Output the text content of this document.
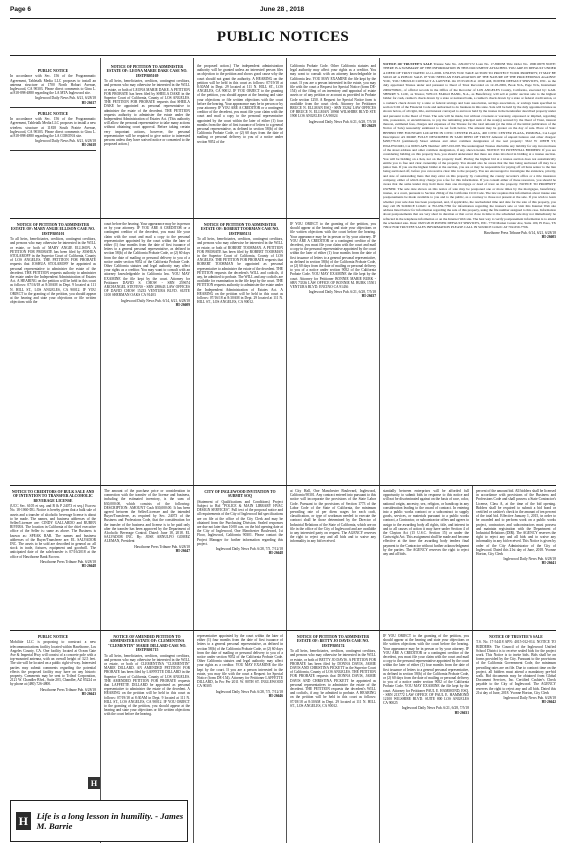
Page 6	June 28 , 2018
PUBLIC NOTICES
PUBLIC NOTICE
In accordance with Sec. 156 of the Programmatic Agreement, Tabletalk Media LLC proposes to install an antenna structure at 1700 North Hobart Avenue, Inglewood, CA 90303. Please direct comments to Gina L. at 818-898-4880 regarding the LA MTA Inglewood site.
Inglewood Daily News Pub. 6/21, 6/28/18
HI-26617
PUBLIC NOTICE
In accordance with Sec. 156 of the Programmatic Agreement, Tabletalk Media LLC proposes to install a new wireless structure at 11818 South Prairie Avenue, Inglewood, CA 90303. Please direct comments to Gina L. at 818-898-4880 regarding the LA CORONA site.
Inglewood Daily News Pub. 6/21, 6/28/18
HI-26618
NOTICE OF PETITION TO ADMINISTER ESTATE OF: LEONA MARIE DAKE CASE NO. 18STPB05169
To all heirs, beneficiaries, creditors, contingent creditors, and persons who may otherwise be interested in the WILL or estate, or both of LEONA MARIE DAKE. A PETITION FOR PROBATE has been filed by SHEILA DAKE in the Superior Court of California, County of LOS ANGELES. THE PETITION FOR PROBATE requests that SHEILA DAKE be appointed as personal representative to administer the estate of the decedent. THE PETITION requests authority to administer the estate under the Independent Administration of Estates Act. (This authority will allow the personal representative to take many actions without obtaining court approval. Before taking certain very important actions, however, the personal representative will be required to give notice to interested persons unless they have waived notice or consented to the proposed action.)
the proposed action.) The independent administration authority will be granted unless an interested person files an objection to the petition and shows good cause why the court should not grant the authority. A HEARING on the petition will be held in this court as follows: 07/19/18 at 8:30AM in Dept. 29 located at 111 N. HILL ST., LOS ANGELES, CA 90012. IF YOU OBJECT to the granting of the petition, you should appear at the hearing and state your objections or file written objections with the court before the hearing. Your appearance may be in person or by your attorney. IF YOU ARE A CREDITOR or a contingent creditor of the decedent, you must file your claim with the court and mail a copy to the personal representative appointed by the court within the later of either (1) four months from the date of first issuance of letters to a general personal representative, as defined in section 58(b) of the California Probate Code, or (2) 60 days from the date of mailing or personal delivery to you of a notice under section 9052 of the
California Probate Code. Other California statutes and legal authority may affect your rights as a creditor. You may want to consult with an attorney knowledgeable in California law. YOU MAY EXAMINE the file kept by the court. If you are a person interested in the estate, you may file with the court a Request for Special Notice (form DE-154) of the filing of an inventory and appraisal of estate assets or of any petition or account as provided in Probate Code section 1250. A Request for Special Notice form is available from the court clerk. Attorney for Petitioner BRUCE N. ELLMAN ESQ - SBN 35262 LAW OFFICES OF BRUCE N. ELLMAN 10960 WILSHIRE BLVD STE 1900 LOS ANGELES CA 90024
Inglewood Daily News Pub. 6/21, 6/28, 7/5/18
HI-26629
NOTICE OF TRUSTEE'S SALE Trustee Sale No. 229-067172 Loan No. 17-800058 Title Order No. 180010078 NOTE: THERE IS A SUMMARY OF THE INFORMATION IN THIS DOCUMENT ATTACHED. YOU ARE IN DEFAULT UNDER A DEED OF TRUST DATED 12-11-2006. UNLESS YOU TAKE ACTION TO PROTECT YOUR PROPERTY, IT MAY BE SOLD AT A PUBLIC SALE. IF YOU NEED AN EXPLANATION OF THE NATURE OF THE PROCEEDINGS AGAINST YOU, YOU SHOULD CONTACT A LAWYER. On 07/25/2018 at 10:00 AM, POWER DEFAULT SERVICES, INC. as the duly appointed Trustee under and pursuant to Deed of Trust Recorded on 12-18-2006, Book N/A, Page N/A, Instrument 20062799921, of official records in the Office of the Recorder of LOS ANGELES County, California, executed by: GAIL SHERRY S. LOU, as Trustor, WELLS FARGO BANK, N.A., as Beneficiary, will sell at public auction sale to the highest bidder for cash, cashier's check drawn by a state or national bank, a cashier's check drawn by a state or federal credit union, or a cashier's check drawn by a state or federal savings and loan association, savings association, or savings bank specified in section 5102 of the Financial Code and authorized to do business in this state. Sale will be held by the duly appointed trustee as shown below, of all right, title, and interest conveyed to and now held by the trustee in the hereinafter described property under and pursuant to the Deed of Trust. The sale will be made, but without covenant or warranty, expressed or implied, regarding title, possession, or encumbrances, to pay the remaining principal sum of the note(s) secured by the Deed of Trust, interest thereon, estimated fees, charges and expenses of the Trustee for the total amount (at the time of the initial publication of the Notice of Sale) reasonably estimated to be set forth below. The amount may be greater on the day of sale. Place of Sale: BEHIND THE FOUNTAIN LOCATED IN CIVIC CENTER PLAZA, 400 CIVIC CENTER PLAZA, POMONA, CA Legal Description: AS MORE FULLY DESCRIBED IN SAID DEED OF TRUST Amount of unpaid balance and other charges: $298,776.33 (estimated) Street address and other common designation of the real property: 3612 W 108TH ST, INGLEWOOD, CA 90303 APN Number: 4057-010-005 The undersigned Trustee disclaims any liability for any incorrectness of the street address and other common designation, if any, shown herein. NOTICE TO POTENTIAL BIDDERS: If you are considering bidding on this property lien, you should understand that there are risks involved in bidding at a trustee auction. You will be bidding on a lien, not on the property itself. Placing the highest bid at a trustee auction does not automatically entitle you to free and clear ownership of the property. You should also be aware that the lien being auctioned off may be a junior lien. If you are the highest bidder at the auction, you are or may be responsible for paying off all liens senior to the lien being auctioned off, before you can receive clear title to the property. You are encouraged to investigate the existence, priority, and size of outstanding liens that may exist on this property by contacting the county recorder's office or a title insurance company, either of which may charge you a fee for this information. If you consult either of these resources, you should be aware that the same lender may hold more than one mortgage or deed of trust on the property. NOTICE TO PROPERTY OWNER: The sale date shown on this notice of sale may be postponed one or more times by the mortgagee, beneficiary, trustee, or a court, pursuant to Section 2924g of the California Civil Code. The law requires that information about trustee sale postponements be made available to you and to the public, as a courtesy to those not present at the sale. If you wish to learn whether your sale date has been postponed, and, if applicable, the rescheduled time and date for the sale of this property, you may call IN SOURCE LOGIC at 702-659-7766 for information regarding the trustee's sale or visit this Internet Web site address listed below for information regarding the sale of this property, using the file number assigned to this case. Information about postponements that are very short in duration or that occur close in time to the scheduled sale may not immediately be reflected in the telephone information or on the Internet Web site. The best way to verify postponement information is to attend the scheduled sale. Date: 06/05/2018 POWER DEFAULT SERVICES, INC. 7730 Market Center Ave, Suite 100, El Paso, TX 79912 FOR TRUSTEE SALES INFORMATION PLEASE CALL IN SOURCE LOGIC AT 702-659-7766.
Hawthorne Press Tribune Pub. 6/14, 6/21, 6/28/18
HI-26605
NOTICE OF PETITION TO ADMINISTER ESTATE OF: MARY ANGIE ELLISON CASE NO. 18STPB05101
To all heirs, beneficiaries, creditors, contingent creditors, and persons who may otherwise be interested in the WILL or estate, or both of MARY ANGIE ELLISON. A PETITION FOR PROBATE has been filed by JOSHUA STOLAROFF in the Superior Court of California, County of LOS ANGELES. THE PETITION FOR PROBATE requests that JOSHUA STOLAROFF be appointed as personal representative to administer the estate of the decedent. THE PETITION requests authority to administer the estate under the Independent Administration of Estates Act. A HEARING on the petition will be held in this court as follows: 07/16/18 at 8:30AM in Dept. 9 located at 111 N. HILL ST., LOS ANGELES, CA 90012. IF YOU OBJECT to the granting of the petition, you should appear at the hearing and state your objections or file written objections with the
court before the hearing. Your appearance may be in person or by your attorney. IF YOU ARE A CREDITOR or a contingent creditor of the decedent, you must file your claim with the court and mail a copy to the personal representative appointed by the court within the later of either (1) four months from the date of first issuance of letters to a general personal representative, as defined in section 58(b) of the California Probate Code, or (2) 60 days from the date of mailing or personal delivery to you of a notice under section 9052 of the California Probate Code. Other California statutes and legal authority may affect your rights as a creditor. You may want to consult with an attorney knowledgeable in California law. YOU MAY EXAMINE the file kept by the court. Attorney for Petitioner DAVID S. CHOW - SBN 259674 ARCHANGEL STEVENS - SBN 288643 LAW OFFICES OF DAVID CHOW 15233 VENTURA BLVD. SUITE 1100 SHERMAN OAKS CA 91403
Inglewood Daily News Pub. 6/14, 6/21, 6/28/18
HI-26609
NOTICE OF PETITION TO ADMINISTER ESTATE OF: ROBERT TOORMAN CASE NO. 18STPB05131
To all heirs, beneficiaries, creditors, contingent creditors, and persons who may otherwise be interested in the WILL or estate, or both of ROBERT TOORMAN. A PETITION FOR PROBATE has been filed by ROBERT TOORMAN in the Superior Court of California, County of LOS ANGELES. THE PETITION FOR PROBATE requests that ROBERT TOORMAN be appointed as personal representative to administer the estate of the decedent. THE PETITION requests the decedent's WILL and codicils, if any, be admitted to probate. The WILL and any codicils are available for examination in the file kept by the court. THE PETITION requests authority to administer the estate under the Independent Administration of Estates Act. A HEARING on the petition will be held in this court as follows: 07/16/18 at 8:30AM in Dept. 29 located at 111 N. HILL ST., LOS ANGELES, CA 90012.
IF YOU OBJECT to the granting of the petition, you should appear at the hearing and state your objections or file written objections with the court before the hearing. Your appearance may be in person or by your attorney. IF YOU ARE A CREDITOR or a contingent creditor of the decedent, you must file your claim with the court and mail a copy to the personal representative appointed by the court within the later of either (1) four months from the date of first issuance of letters to a general personal representative, as defined in section 58(b) of the California Probate Code, or (2) 60 days from the date of mailing or personal delivery to you of a notice under section 9052 of the California Probate Code. YOU MAY EXAMINE the file kept by the court. Attorney for Petitioner BONNIE MARIE BURK - SBN 73336 LAW OFFICE OF BONNIE M. BURK 15501 VENTURA BLVD. ENCINO CA 91436
Inglewood Daily News Pub. 6/21, 6/28, 7/5/18
HI-26637
NOTICE TO CREDITORS OF BULK SALE AND OF INTENTION TO TRANSFER ALCOHOLIC BEVERAGE LICENSE
(UCC Sec. 6105 et seq. and B & P 24073 et seq.) Escrow No. 18-1060-DG. Notice is hereby given that a bulk sale of assets and a transfer of alcoholic beverage license is about to be made. The names, and business addresses of the Seller/Licensee are: CINDY GALLARDO and RUBEN RIVERA. The location in California of the chief executive office of the Seller is: same as above. The Business is known as: SPEAK BAR. The names and business addresses of the Buyer/Transferee are: EL SALVADOR INC. The assets to be sold are described in general as: all stock in trade, fixtures, equipment and goodwill. The anticipated date of the sale/transfer is 07/16/2018 at the office of Hawthorne Bank Escrow.
Hawthorne Press Tribune Pub. 6/28/18
HI-26648
The amount of the purchase price or consideration in connection with the transfer of the license and business, including the estimated inventory, is the sum of $30,000.00, which consists of the following: DESCRIPTION: AMOUNT Cash $30,000.00. It has been agreed between the Seller/Licensee and the intended Buyer/Transferee, as required by Sec. 24073 of the Business and Professions Code, that the consideration for the transfer of the business and license is to be paid only after the transfer has been approved by the Department of Alcoholic Beverage Control. Dated: June 18, 2018. EL SALVADOR INC. By: JOSE ARNULFO GOMEZ ALEMAN, President
Hawthorne Press Tribune Pub. 6/28/18
HI-26647
CITY OF INGLEWOOD INVITATION TO SUBMIT SOQ
(Statement of Qualifications and Conditions) Project Subject to Bid "POLICE & MAIN LIBRARY HVAC DESIGN SERVICES". Full text of the proposal notice and all requirements of the City of Inglewood bid specifications are on file at the office of the City Clerk and may be obtained from the Purchasing Division. Sealed responses are due not later than 10:00 a.m. on the bid opening date at the City of Inglewood, One Manchester Boulevard, 1st Floor, Inglewood, California 90301. Please contact the Project Manager for further information regarding this project.
Inglewood Daily News Pub. 6/28, 7/5, 7/12/18
HI-26648
at City Hall, One Manchester Boulevard, Inglewood, California 90301. Any contract entered into pursuant to this notice will incorporate the provisions of the State Labor Code. Pursuant to the provisions of Section 1773 of the Labor Code of the State of California, the minimum prevailing rate of per diem wages for each craft, classification, or type of workman needed to execute the contract shall be those determined by the Director of Industrial Relations of the State of California, which are on file in the office of the City of Inglewood and are available to any interested party on request. The AGENCY reserves the right to reject any and all bids and to waive any informality in any bid received.
stantially between enterprises will be afforded full opportunity to submit bids in response to this notice and will not be discriminated against on the basis of race, color, national origin, ancestry, sex, religion, or handicap in any consideration leading to the award of contract. In entering into a public works contract or a subcontract to supply goods, services, or materials pursuant to a public works contract, a Contractor, or subcontractor offers and agrees to assign to the awarding body all rights, title, and interest in and to all causes of action it may have under Section 4 of the Clayton Act (15 U.S.C. Section 15) or under the Cartwright Act. This assignment shall be made and become effective at the time the awarding body tenders final payment to the Contractor without further acknowledgment by the parties. The AGENCY reserves the right to reject any and all bids.
percent of the amount bid. All bidders shall be licensed in accordance with provisions of the Business and Professions Code and shall possess a State Contractor's License, Class A, at the time of the bid opening. Bidders shall be required to submit a bid bond or certified or cashier's check in the amount of ten percent of the total bid. Effective January 1, 2015, in order to be awarded and to perform work on a public works project, contractors and subcontractors must possess and maintain registration with the Department of Industrial Relations (DIR). The AGENCY reserves the right to reject any and all bids and to waive any informality in any bid received. This Notice is given by order of the City Administrator of the City of Inglewood. Dated this 21st day of June, 2018. Yvonne Horton, City Clerk
Inglewood Daily News Pub. 6/28/18
HI-26641
PUBLIC NOTICE
Mobilitie LLC is proposing to construct a new telecommunications facility located within Hawthorne, Los Angeles County, CA. One facility located at Ocean Gate Ave & Imperial Hwy will consist of a concrete pole with a top-mounted antenna, with an overall height of 32.5 feet. The site will be located on a public right-of-way. Interested parties may submit comments regarding the potential effects the proposed facility may have on any historic property. Comments may be sent to Trileaf Corporation, 2121 W. Chandler Blvd., Suite 203, Chandler, AZ 85224 or by phone at (480) 726-4800.
Hawthorne Press Tribune Pub. 6/28/18
HI-26643
H
NOTICE OF AMENDED PETITION TO ADMINISTER ESTATE OF: CLEMENTINA "CLEMENTIN" MARIE DILLARD CASE NO. 18STPB01715
To all heirs, beneficiaries, creditors, contingent creditors, and persons who may otherwise be interested in the WILL or estate, or both of CLEMENTINA "CLEMENTIN" MARIE DILLARD. AN AMENDED PETITION FOR PROBATE has been filed by LAFFETTE DILLARD in the Superior Court of California, County of LOS ANGELES. THE AMENDED PETITION FOR PROBATE requests that LAFFETTE DILLARD be appointed as personal representative to administer the estate of the decedent. A HEARING on the petition will be held in this court as follows: 07/19/18 at 8:30AM in Dept. 9 located at 111 N. HILL ST., LOS ANGELES, CA 90012. IF YOU OBJECT to the granting of the petition, you should appear at the hearing and state your objections or file written objections with the court before the hearing.
representative appointed by the court within the later of either (1) four months from the date of first issuance of letters to a general personal representative, as defined in section 58(b) of the California Probate Code, or (2) 60 days from the date of mailing or personal delivery to you of a notice under section 9052 of the California Probate Code. Other California statutes and legal authority may affect your rights as a creditor. YOU MAY EXAMINE the file kept by the court. If you are a person interested in the estate, you may file with the court a Request for Special Notice (form DE-154). Attorney for Petitioner LAFFETTE DILLARD, In Pro Per 2011 W. 80TH ST. INGLEWOOD CA 90305
Inglewood Daily News Pub. 6/28, 7/5, 7/12/18
HI-26646
NOTICE OF PETITION TO ADMINISTER ESTATE OF: BETTY JO DAVIS CASE NO. 18STPB05174
To all heirs, beneficiaries, creditors, contingent creditors, and persons who may otherwise be interested in the WILL or estate, or both of BETTY JO DAVIS. A PETITION FOR PROBATE has been filed by DONNA DAVIS, JAMIE DAVIS AND CHRISTINA PICKETT in the Superior Court of California, County of LOS ANGELES. THE PETITION FOR PROBATE requests that DONNA DAVIS, JAMIE DAVIS AND CHRISTINA PICKETT be appointed as personal representatives to administer the estate of the decedent. THE PETITION requests the decedent's WILL and codicils, if any, be admitted to probate. A HEARING on the petition will be held in this court as follows: 07/18/18 at 8:30AM in Dept. 29 located at 111 N. HILL ST., LOS ANGELES, CA 90012.
IF YOU OBJECT to the granting of the petition, you should appear at the hearing and state your objections or file written objections with the court before the hearing. Your appearance may be in person or by your attorney. IF YOU ARE A CREDITOR or a contingent creditor of the decedent, you must file your claim with the court and mail a copy to the personal representative appointed by the court within the later of either (1) four months from the date of first issuance of letters to a general personal representative, as defined in section 58(b) of the California Probate Code, or (2) 60 days from the date of mailing or personal delivery to you of a notice under section 9052 of the California Probate Code. YOU MAY EXAMINE the file kept by the court. Attorney for Petitioner PAUL E. HAMMOND, ESQ. - SBN 213772 LAW OFFICE OF PAUL E. HAMMOND 12100 WILSHIRE BLVD. SUITE 800 LOS ANGELES CA 90025
Inglewood Daily News Pub. 6/21, 6/28, 7/5/18
HI-26631
NOTICE OF TRUSTEE'S SALE
T.S. No. 17-54418 APN: 4015-012-014. NOTICE TO BIDDERS: The Council of the Inglewood Unified School District is to receive sealed bids for the project work. This Notice is to invite bids. Bids shall be on forms provided by the City. Pursuant to the provisions of the California Government Code, the minimum prevailing rates are on file. Due to contract time on the project, all bidders must attend a mandatory pre-bid walk. Bid documents may be obtained from Global Document Services, Inc. Certified Cashier's Check payable to the City of Inglewood. The AGENCY reserves the right to reject any and all bids. Dated this 21st day of June, 2018. Yvonne Horton, City Clerk
Inglewood Daily News Pub. 6/28/18
HI-26642
H Life is a long lesson in humility. - James M. Barrie
